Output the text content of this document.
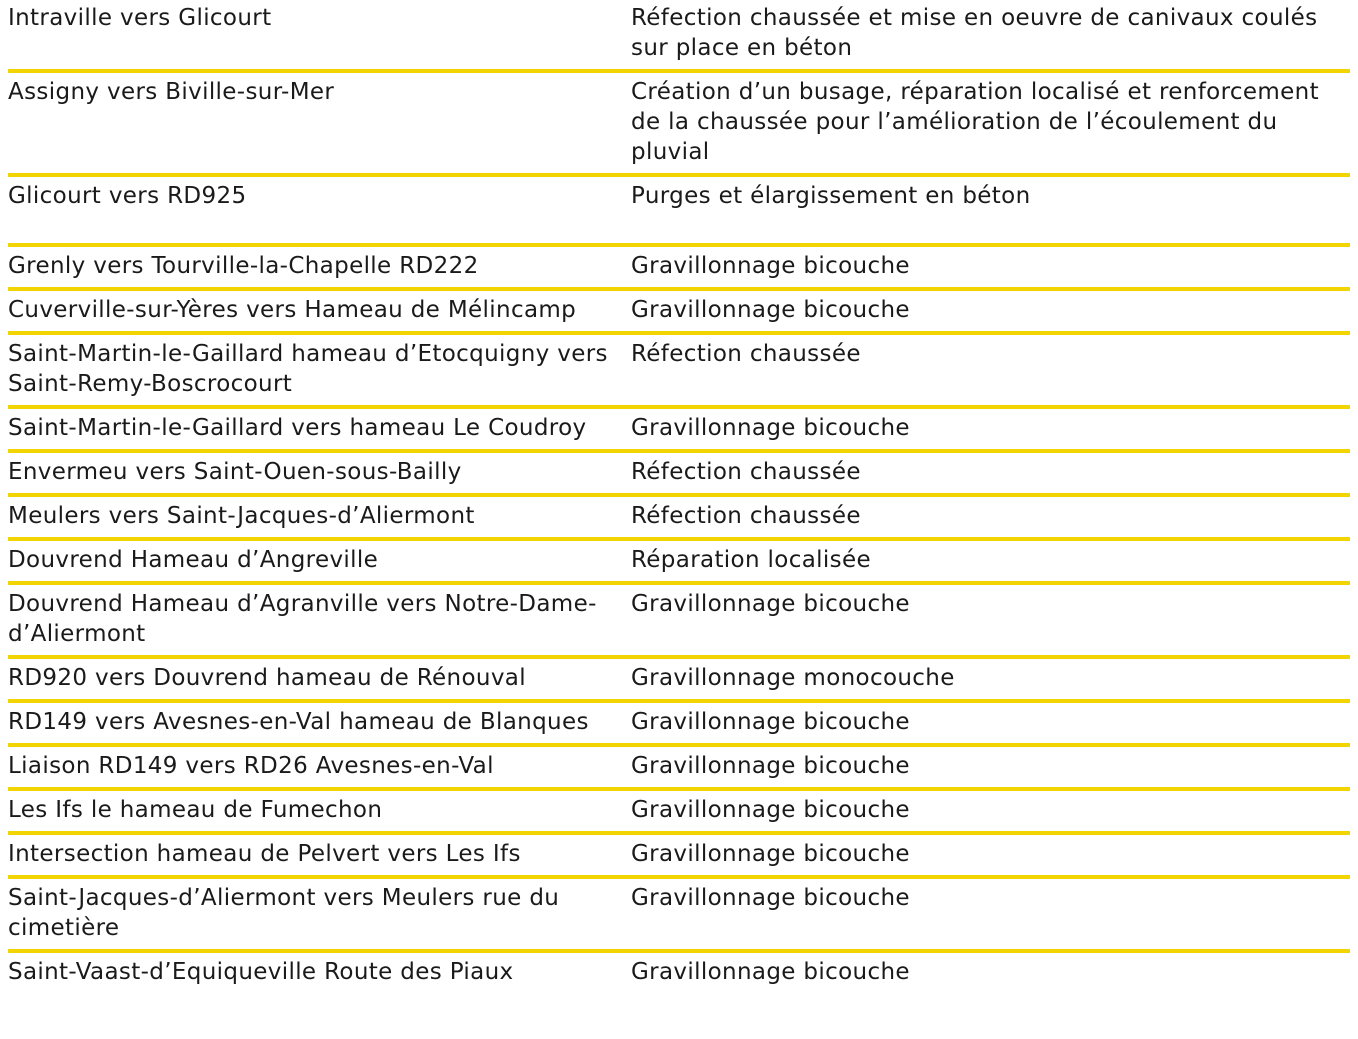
Intraville vers Glicourt	Réfection chaussée et mise en oeuvre de canivaux coulés sur place en béton
Assigny vers Biville-sur-Mer	Création d’un busage, réparation localisé et renforcement de la chaussée pour l’amélioration de l’écoulement du pluvial
Glicourt vers RD925	Purges et élargissement en béton
Grenly vers Tourville-la-Chapelle RD222	Gravillonnage bicouche
Cuverville-sur-Yères vers Hameau de Mélincamp	Gravillonnage bicouche
Saint-Martin-le-Gaillard hameau d’Etocquigny vers Saint-Remy-Boscrocourt	Réfection chaussée
Saint-Martin-le-Gaillard vers hameau Le Coudroy	Gravillonnage bicouche
Envermeu vers Saint-Ouen-sous-Bailly	Réfection chaussée
Meulers vers Saint-Jacques-d’Aliermont	Réfection chaussée
Douvrend Hameau d’Angreville	Réparation localisée
Douvrend Hameau d’Agranville vers Notre-Dame-d’Aliermont	Gravillonnage bicouche
RD920 vers Douvrend hameau de Rénouval	Gravillonnage monocouche
RD149 vers Avesnes-en-Val hameau de Blanques	Gravillonnage bicouche
Liaison RD149 vers RD26 Avesnes-en-Val	Gravillonnage bicouche
Les Ifs le hameau de Fumechon	Gravillonnage bicouche
Intersection hameau de Pelvert vers Les Ifs	Gravillonnage bicouche
Saint-Jacques-d’Aliermont vers Meulers rue du cimetière	Gravillonnage bicouche
Saint-Vaast-d’Equiqueville Route des Piaux	Gravillonnage bicouche
